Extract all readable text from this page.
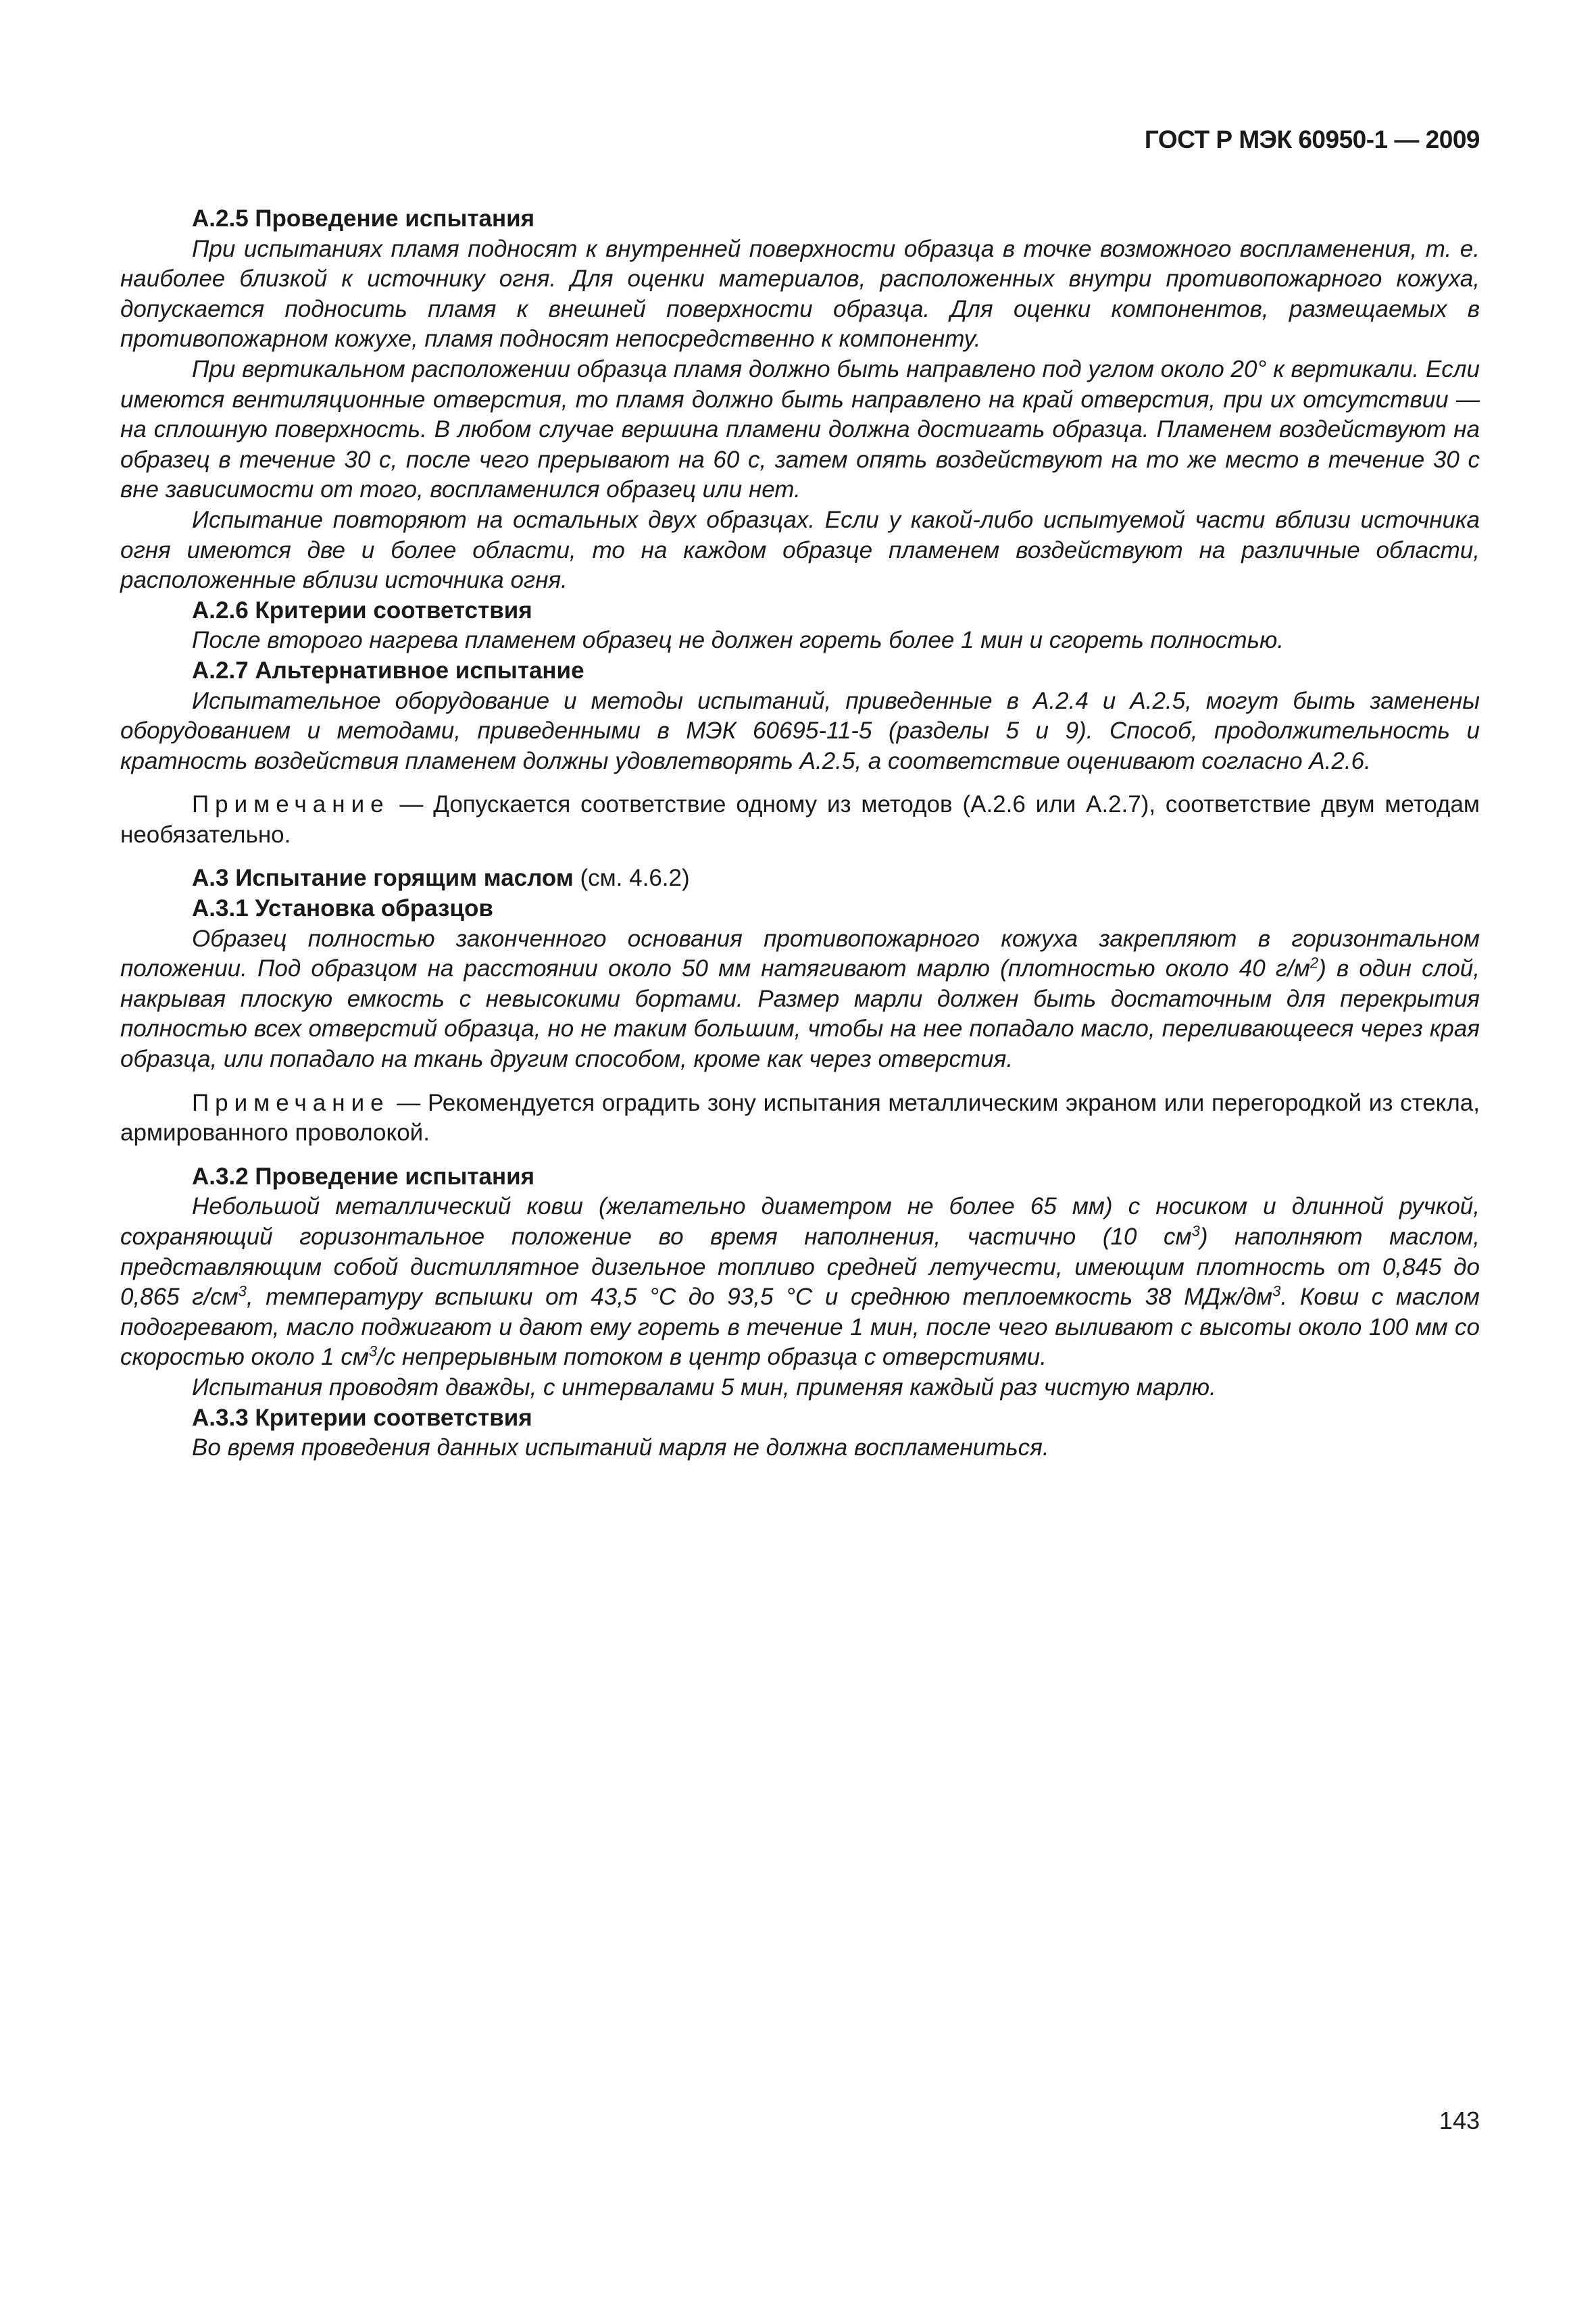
ГОСТ Р МЭК 60950-1 — 2009

А.2.5 Проведение испытания

При испытаниях пламя подносят к внутренней поверхности образца в точке возможного воспламенения, т. е. наиболее близкой к источнику огня. Для оценки материалов, расположенных внутри противопожарного кожуха, допускается подносить пламя к внешней поверхности образца. Для оценки компонентов, размещаемых в противопожарном кожухе, пламя подносят непосредственно к компоненту.

При вертикальном расположении образца пламя должно быть направлено под углом около 20° к вертикали. Если имеются вентиляционные отверстия, то пламя должно быть направлено на край отверстия, при их отсутствии — на сплошную поверхность. В любом случае вершина пламени должна достигать образца. Пламенем воздействуют на образец в течение 30 с, после чего прерывают на 60 с, затем опять воздействуют на то же место в течение 30 с вне зависимости от того, воспламенился образец или нет.

Испытание повторяют на остальных двух образцах. Если у какой-либо испытуемой части вблизи источника огня имеются две и более области, то на каждом образце пламенем воздействуют на различные области, расположенные вблизи источника огня.

А.2.6 Критерии соответствия

После второго нагрева пламенем образец не должен гореть более 1 мин и сгореть полностью.

А.2.7 Альтернативное испытание

Испытательное оборудование и методы испытаний, приведенные в А.2.4 и А.2.5, могут быть заменены оборудованием и методами, приведенными в МЭК 60695-11-5 (разделы 5 и 9). Способ, продолжительность и кратность воздействия пламенем должны удовлетворять А.2.5, а соответствие оценивают согласно А.2.6.

Примечание — Допускается соответствие одному из методов (А.2.6 или А.2.7), соответствие двум методам необязательно.

А.3 Испытание горящим маслом (см. 4.6.2)

А.3.1 Установка образцов

Образец полностью законченного основания противопожарного кожуха закрепляют в горизонтальном положении. Под образцом на расстоянии около 50 мм натягивают марлю (плотностью около 40 $г/м^2$) в один слой, накрывая плоскую емкость с невысокими бортами. Размер марли должен быть достаточным для перекрытия полностью всех отверстий образца, но не таким большим, чтобы на нее попадало масло, переливающееся через края образца, или попадало на ткань другим способом, кроме как через отверстия.

Примечание — Рекомендуется оградить зону испытания металлическим экраном или перегородкой из стекла, армированного проволокой.

А.3.2 Проведение испытания

Небольшой металлический ковш (желательно диаметром не более 65 мм) с носиком и длинной ручкой, сохраняющий горизонтальное положение во время наполнения, частично (10 $см^3$) наполняют маслом, представляющим собой дистиллятное дизельное топливо средней летучести, имеющим плотность от 0,845 до 0,865 $г/см^3$, температуру вспышки от 43,5 °С до 93,5 °С и среднюю теплоемкость 38 МДж/$дм^3$. Ковш с маслом подогревают, масло поджигают и дают ему гореть в течение 1 мин, после чего выливают с высоты около 100 мм со скоростью около 1 $см^3/с$ непрерывным потоком в центр образца с отверстиями.

Испытания проводят дважды, с интервалами 5 мин, применяя каждый раз чистую марлю.

А.3.3 Критерии соответствия

Во время проведения данных испытаний марля не должна воспламениться.

143
